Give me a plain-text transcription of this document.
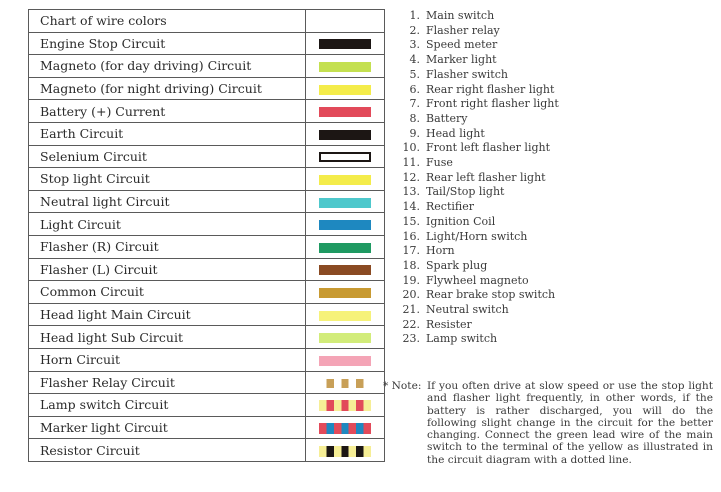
Chart of wire colors	
Engine Stop Circuit	
Magneto (for day driving) Circuit	
Magneto (for night driving) Circuit	
Battery (+) Current	
Earth Circuit	
Selenium Circuit	
Stop light Circuit	
Neutral light Circuit	
Light Circuit	
Flasher (R) Circuit	
Flasher (L) Circuit	
Common Circuit	
Head light Main Circuit	
Head light Sub Circuit	
Horn Circuit	
Flasher Relay Circuit	
Lamp switch Circuit	
Marker light Circuit	
Resistor Circuit	
1. Main switch
2. Flasher relay
3. Speed meter
4. Marker light
5. Flasher switch
6. Rear right flasher light
7. Front right flasher light
8. Battery
9. Head light
10. Front left flasher light
11. Fuse
12. Rear left flasher light
13. Tail/Stop light
14. Rectifier
15. Ignition Coil
16. Light/Horn switch
17. Horn
18. Spark plug
19. Flywheel magneto
20. Rear brake stop switch
21. Neutral switch
22. Resister
23. Lamp switch
* Note: If you often drive at slow speed or use the stop light and flasher light frequently, in other words, if the battery is rather discharged, you will do the following slight change in the circuit for the better changing. Connect the green lead wire of the main switch to the terminal of the yellow as illustrated in the circuit diagram with a dotted line.
